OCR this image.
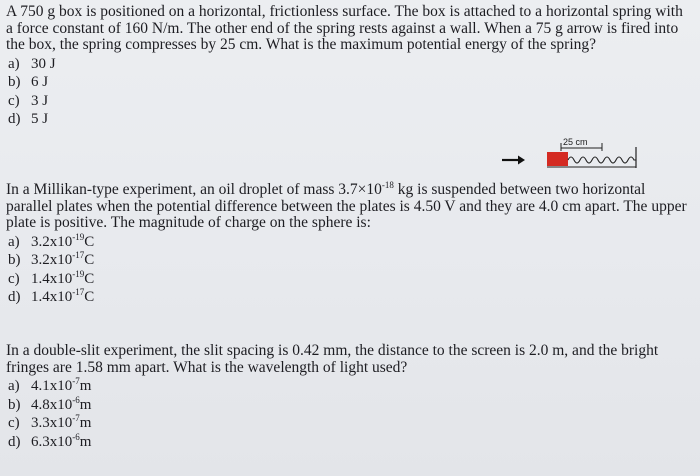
A 750 g box is positioned on a horizontal, frictionless surface. The box is attached to a horizontal spring with a force constant of 160 N/m. The other end of the spring rests against a wall. When a 75 g arrow is fired into the box, the spring compresses by 25 cm. What is the maximum potential energy of the spring?
a) 30 J
b) 6 J
c) 3 J
d) 5 J
25 cm
In a Millikan-type experiment, an oil droplet of mass $3.7\times 10^{-18}$ kg is suspended between two horizontal parallel plates when the potential difference between the plates is 4.50 V and they are 4.0 cm apart. The upper plate is positive. The magnitude of charge on the sphere is:
a) $3.2x10^{-19}C$
b) $3.2x10^{-17}C$
c) $1.4x10^{-19}C$
d) $1.4x10^{-17}C$
In a double-slit experiment, the slit spacing is 0.42 mm, the distance to the screen is 2.0 m, and the bright fringes are 1.58 mm apart. What is the wavelength of light used?
a) $4.1x10^{-7}m$
b) $4.8x10^{-6}m$
c) $3.3x10^{-7}m$
d) $6.3x10^{-6}m$
